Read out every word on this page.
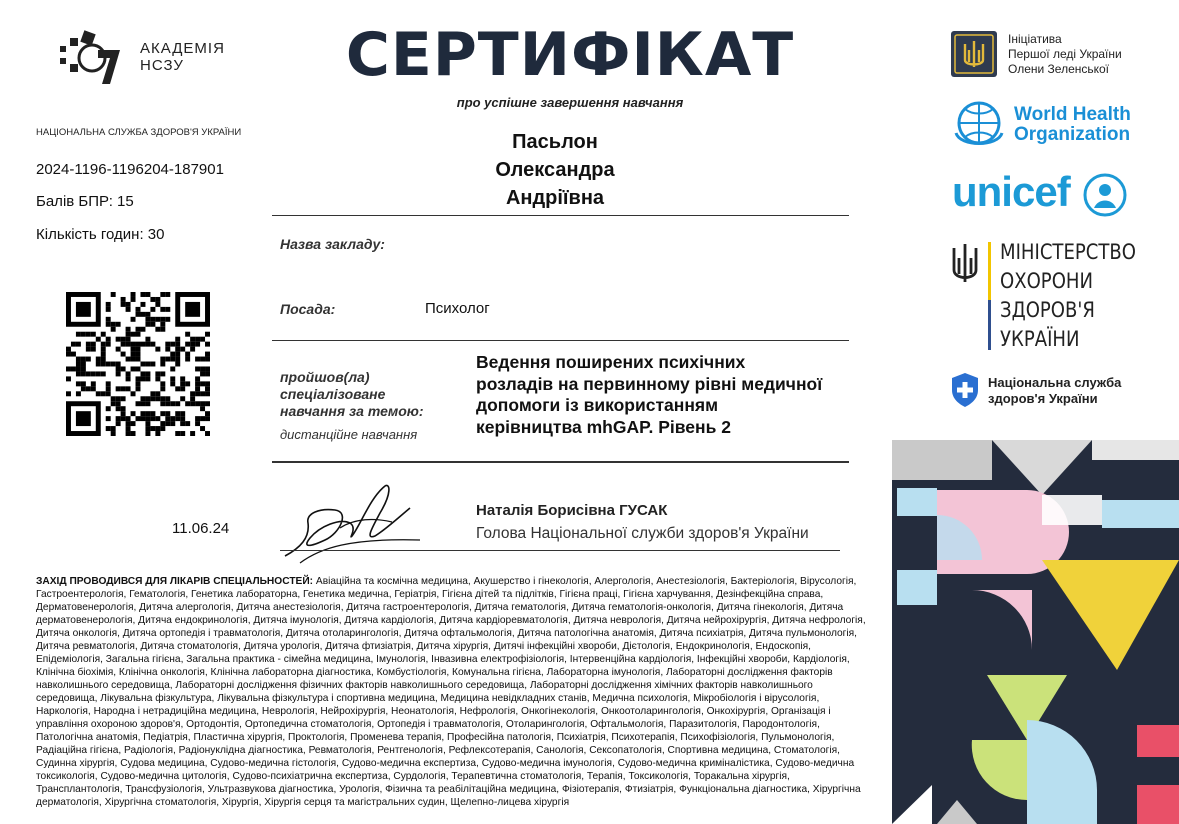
АКАДЕМІЯ
НСЗУ	СЕРТИФІКАТ
про успішне завершення навчання
НАЦІОНАЛЬНА СЛУЖБА ЗДОРОВ'Я УКРАЇНИ
2024-1196-1196204-187901
Балів БПР: 15
Кількість годин: 30
11.06.24
Пасьлон
Олександра
Андріївна
Назва закладу:
Посада:	Психолог
пройшов(ла)
спеціалізоване
навчання за темою:
дистанційне навчання
Ведення поширених психічних
розладів на первинному рівні медичної
допомоги із використанням
керівництва mhGAP. Рівень 2
Наталія Борисівна ГУСАК
Голова Національної служби здоров'я України
ЗАХІД ПРОВОДИВСЯ ДЛЯ ЛІКАРІВ СПЕЦІАЛЬНОСТЕЙ: Авіаційна та космічна медицина, Акушерство і гінекологія, Алергологія, Анестезіологія, Бактеріологія, Вірусологія, Гастроентерологія, Гематологія, Генетика лабораторна, Генетика медична, Геріатрія, Гігієна дітей та підлітків, Гігієна праці, Гігієна харчування, Дезінфекційна справа, Дерматовенерологія, Дитяча алергологія, Дитяча анестезіологія, Дитяча гастроентерологія, Дитяча гематологія, Дитяча гематологія-онкологія, Дитяча гінекологія, Дитяча дерматовенерологія, Дитяча ендокринологія, Дитяча імунологія, Дитяча кардіологія, Дитяча кардіоревматологія, Дитяча неврологія, Дитяча нейрохірургія, Дитяча нефрологія, Дитяча онкологія, Дитяча ортопедія і травматологія, Дитяча отоларингологія, Дитяча офтальмологія, Дитяча патологічна анатомія, Дитяча психіатрія, Дитяча пульмонологія, Дитяча ревматологія, Дитяча стоматологія, Дитяча урологія, Дитяча фтизіатрія, Дитяча хірургія, Дитячі інфекційні хвороби, Дієтологія, Ендокринологія, Ендоскопія, Епідеміологія, Загальна гігієна, Загальна практика - сімейна медицина, Імунологія, Інвазивна електрофізіологія, Інтервенційна кардіологія, Інфекційні хвороби, Кардіологія, Клінічна біохімія, Клінічна онкологія, Клінічна лабораторна діагностика, Комбустіологія, Комунальна гігієна, Лабораторна імунологія, Лабораторні дослідження факторів навколишнього середовища, Лабораторні дослідження фізичних факторів навколишнього середовища, Лабораторні дослідження хімічних факторів навколишнього середовища, Лікувальна фізкультура, Лікувальна фізкультура і спортивна медицина, Медицина невідкладних станів, Медична психологія, Мікробіологія і вірусологія, Наркологія, Народна і нетрадиційна медицина, Неврологія, Нейрохірургія, Неонатологія, Нефрологія, Онкогінекологія, Онкоотоларингологія, Онкохірургія, Організація і управління охороною здоров'я, Ортодонтія, Ортопедична стоматологія, Ортопедія і травматологія, Отоларингологія, Офтальмологія, Паразитологія, Пародонтологія, Патологічна анатомія, Педіатрія, Пластична хірургія, Проктологія, Променева терапія, Професійна патологія, Психіатрія, Психотерапія, Психофізіологія, Пульмонологія, Радіаційна гігієна, Радіологія, Радіонуклідна діагностика, Ревматологія, Рентгенологія, Рефлексотерапія, Санологія, Сексопатологія, Спортивна медицина, Стоматологія, Судинна хірургія, Судова медицина, Судово-медична гістологія, Судово-медична експертиза, Судово-медична імунологія, Судово-медична криміналістика, Судово-медична токсикологія, Судово-медична цитологія, Судово-психіатрична експертиза, Сурдологія, Терапевтична стоматологія, Терапія, Токсикологія, Торакальна хірургія, Трансплантологія, Трансфузіологія, Ультразвукова діагностика, Урологія, Фізична та реабілітаційна медицина, Фізіотерапія, Фтизіатрія, Функціональна діагностика, Хірургічна дерматологія, Хірургічна стоматологія, Хірургія, Хірургія серця та магістральних судин, Щелепно-лицева хірургія
Ініціатива
Першої леді України
Олени Зеленської
World Health
Organization
unicef
МІНІСТЕРСТВО
ОХОРОНИ
ЗДОРОВ'Я
УКРАЇНИ
Національна служба
здоров'я України
